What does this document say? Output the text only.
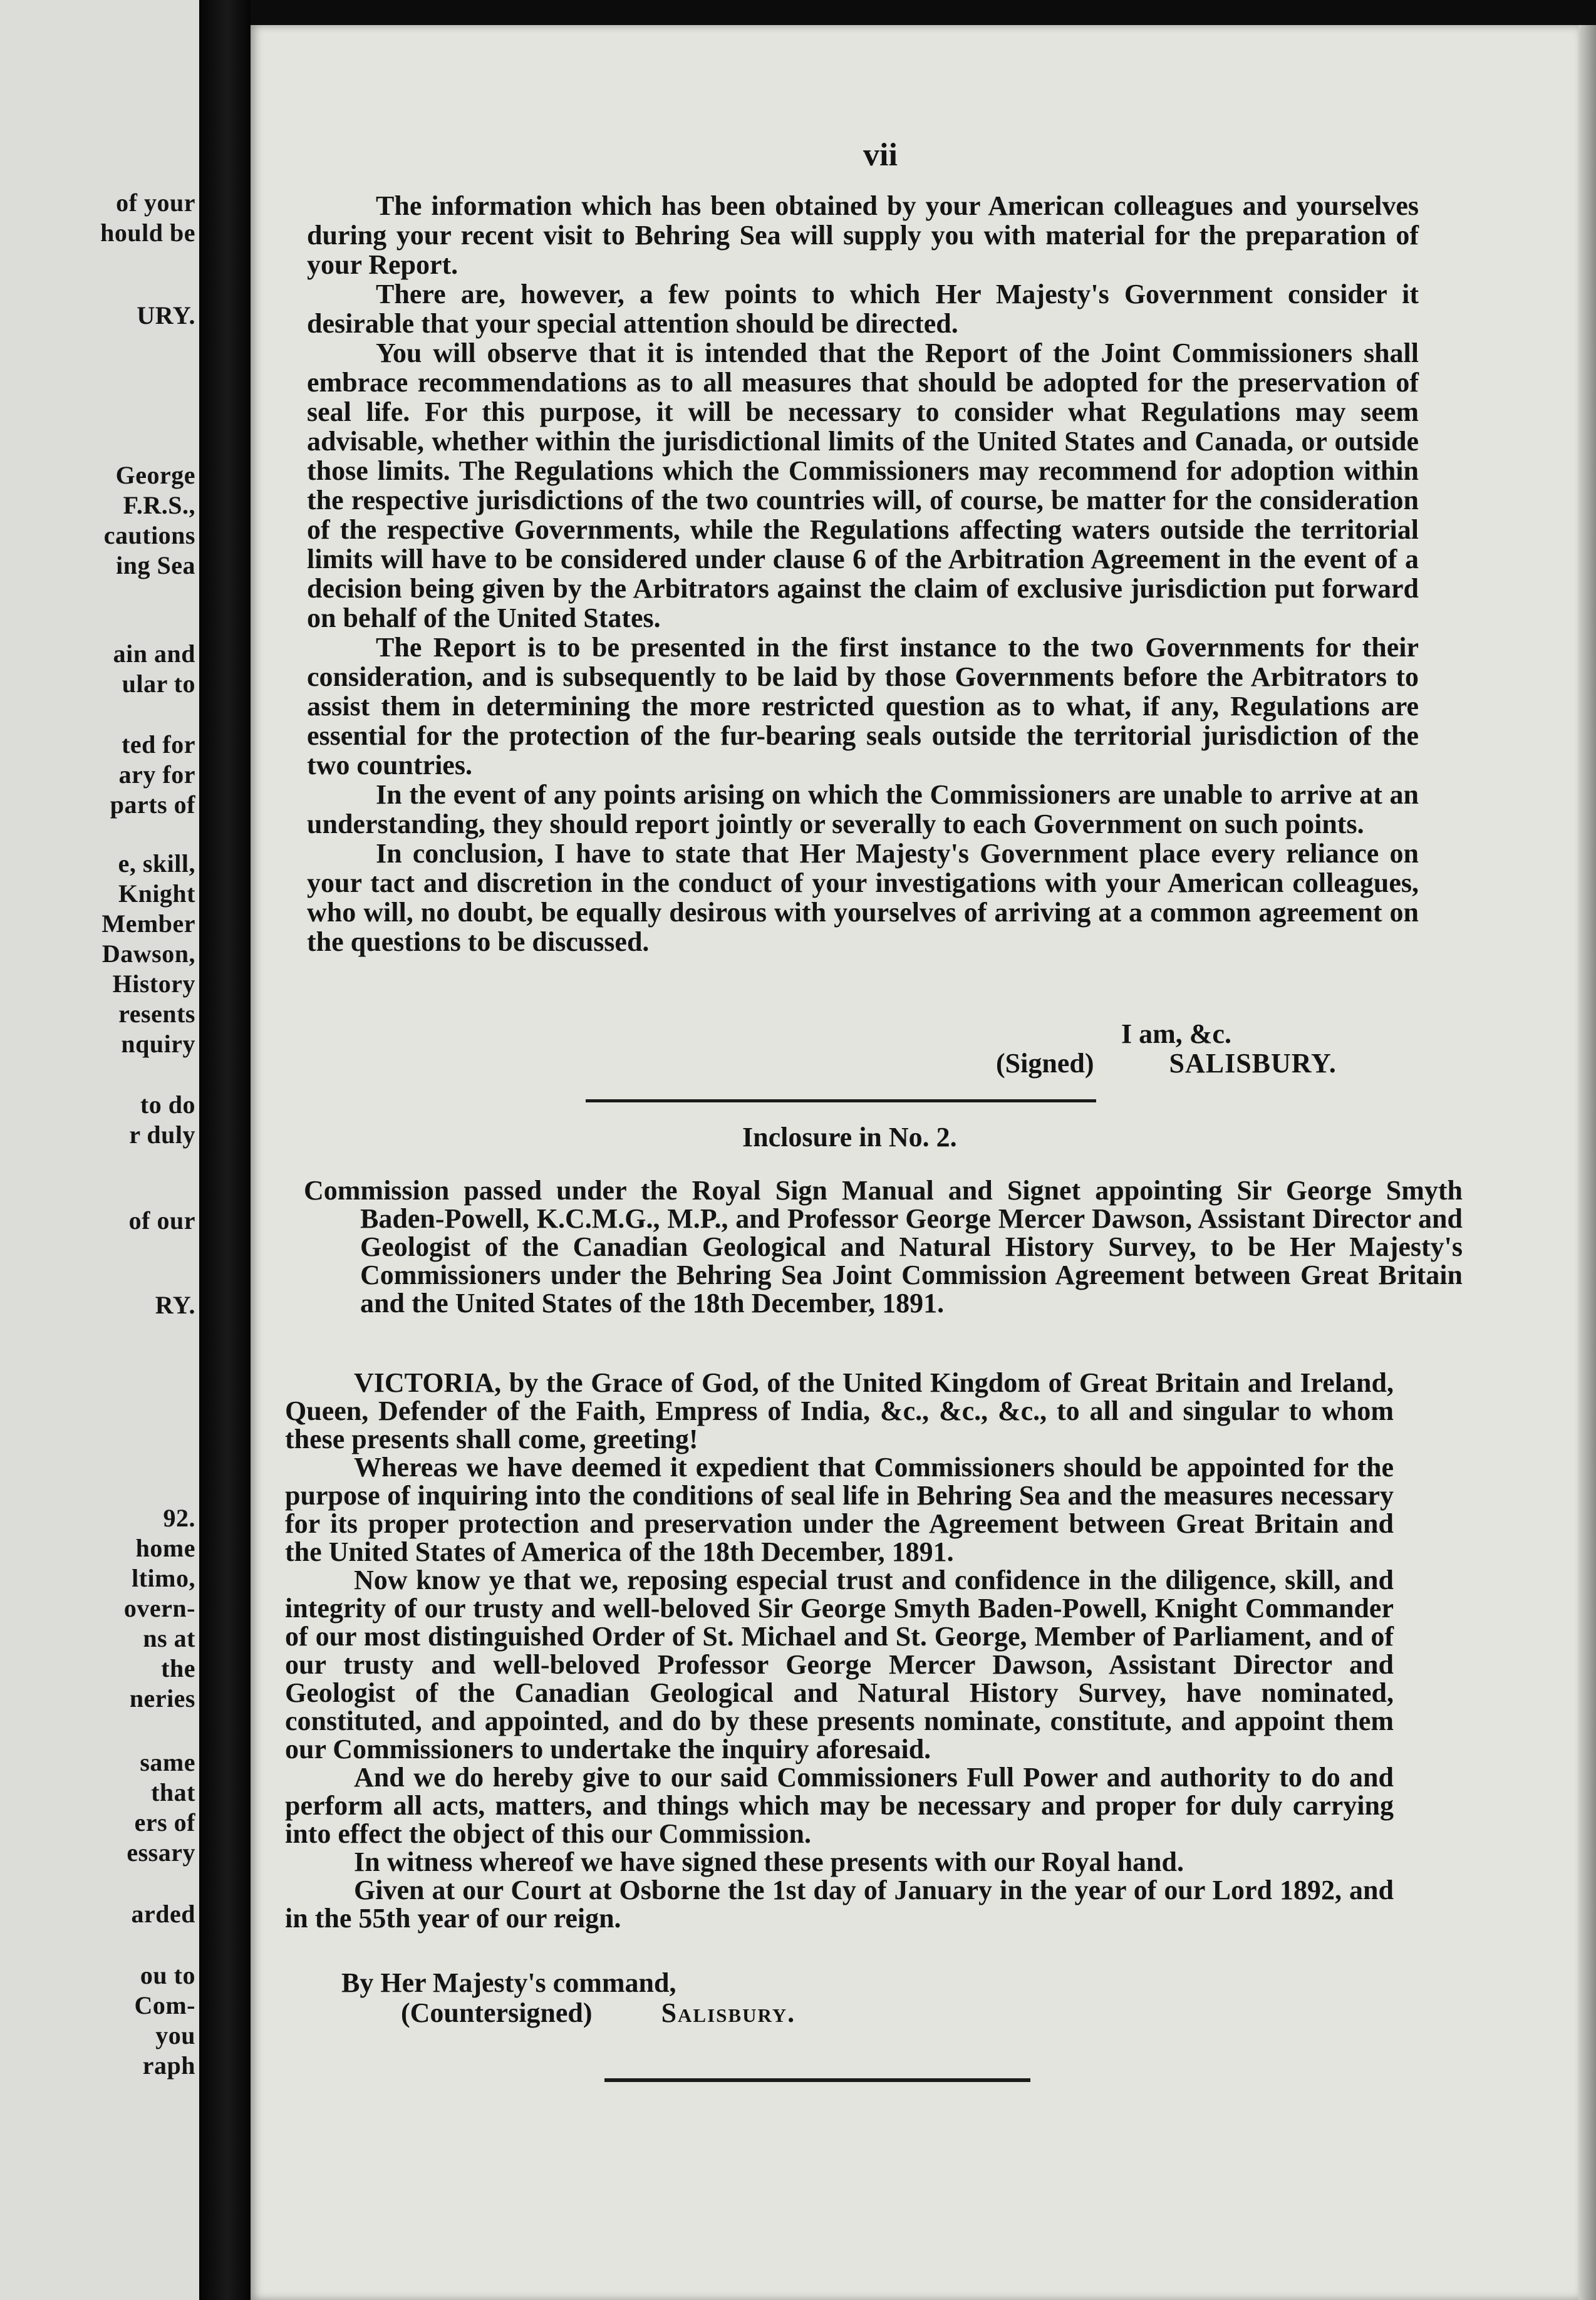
of your
hould be
URY.
George
F.R.S.,
cautions
ing Sea
ain and
ular to
ted for
ary for
parts of
e, skill,
Knight
Member
Dawson,
History
resents
nquiry
to do
r duly
of our
RY.
92.
home
ltimo,
overn-
ns at
the
neries
same
that
ers of
essary
arded
ou to
Com-
you
raph
vii

The information which has been obtained by your American colleagues and yourselves during your recent visit to Behring Sea will supply you with material for the preparation of your Report.

There are, however, a few points to which Her Majesty's Government consider it desirable that your special attention should be directed.

You will observe that it is intended that the Report of the Joint Commissioners shall embrace recommendations as to all measures that should be adopted for the preservation of seal life. For this purpose, it will be necessary to consider what Regulations may seem advisable, whether within the jurisdictional limits of the United States and Canada, or outside those limits. The Regulations which the Commissioners may recommend for adoption within the respective jurisdictions of the two countries will, of course, be matter for the consideration of the respective Governments, while the Regulations affecting waters outside the territorial limits will have to be considered under clause 6 of the Arbitration Agreement in the event of a decision being given by the Arbitrators against the claim of exclusive jurisdiction put forward on behalf of the United States.

The Report is to be presented in the first instance to the two Governments for their consideration, and is subsequently to be laid by those Governments before the Arbitrators to assist them in determining the more restricted question as to what, if any, Regulations are essential for the protection of the fur-bearing seals outside the territorial jurisdiction of the two countries.

In the event of any points arising on which the Commissioners are unable to arrive at an understanding, they should report jointly or severally to each Government on such points.

In conclusion, I have to state that Her Majesty's Government place every reliance on your tact and discretion in the conduct of your investigations with your American colleagues, who will, no doubt, be equally desirous with yourselves of arriving at a common agreement on the questions to be discussed.

I am, &c.
(Signed)	SALISBURY.
Inclosure in No. 2.

Commission passed under the Royal Sign Manual and Signet appointing Sir George Smyth Baden-Powell, K.C.M.G., M.P., and Professor George Mercer Dawson, Assistant Director and Geologist of the Canadian Geological and Natural History Survey, to be Her Majesty's Commissioners under the Behring Sea Joint Commission Agreement between Great Britain and the United States of the 18th December, 1891.

VICTORIA, by the Grace of God, of the United Kingdom of Great Britain and Ireland, Queen, Defender of the Faith, Empress of India, &c., &c., &c., to all and singular to whom these presents shall come, greeting!

Whereas we have deemed it expedient that Commissioners should be appointed for the purpose of inquiring into the conditions of seal life in Behring Sea and the measures necessary for its proper protection and preservation under the Agreement between Great Britain and the United States of America of the 18th December, 1891.

Now know ye that we, reposing especial trust and confidence in the diligence, skill, and integrity of our trusty and well-beloved Sir George Smyth Baden-Powell, Knight Commander of our most distinguished Order of St. Michael and St. George, Member of Parliament, and of our trusty and well-beloved Professor George Mercer Dawson, Assistant Director and Geologist of the Canadian Geological and Natural History Survey, have nominated, constituted, and appointed, and do by these presents nominate, constitute, and appoint them our Commissioners to undertake the inquiry aforesaid.

And we do hereby give to our said Commissioners Full Power and authority to do and perform all acts, matters, and things which may be necessary and proper for duly carrying into effect the object of this our Commission.

In witness whereof we have signed these presents with our Royal hand.

Given at our Court at Osborne the 1st day of January in the year of our Lord 1892, and in the 55th year of our reign.

By Her Majesty's command,
(Countersigned)	Salisbury.
